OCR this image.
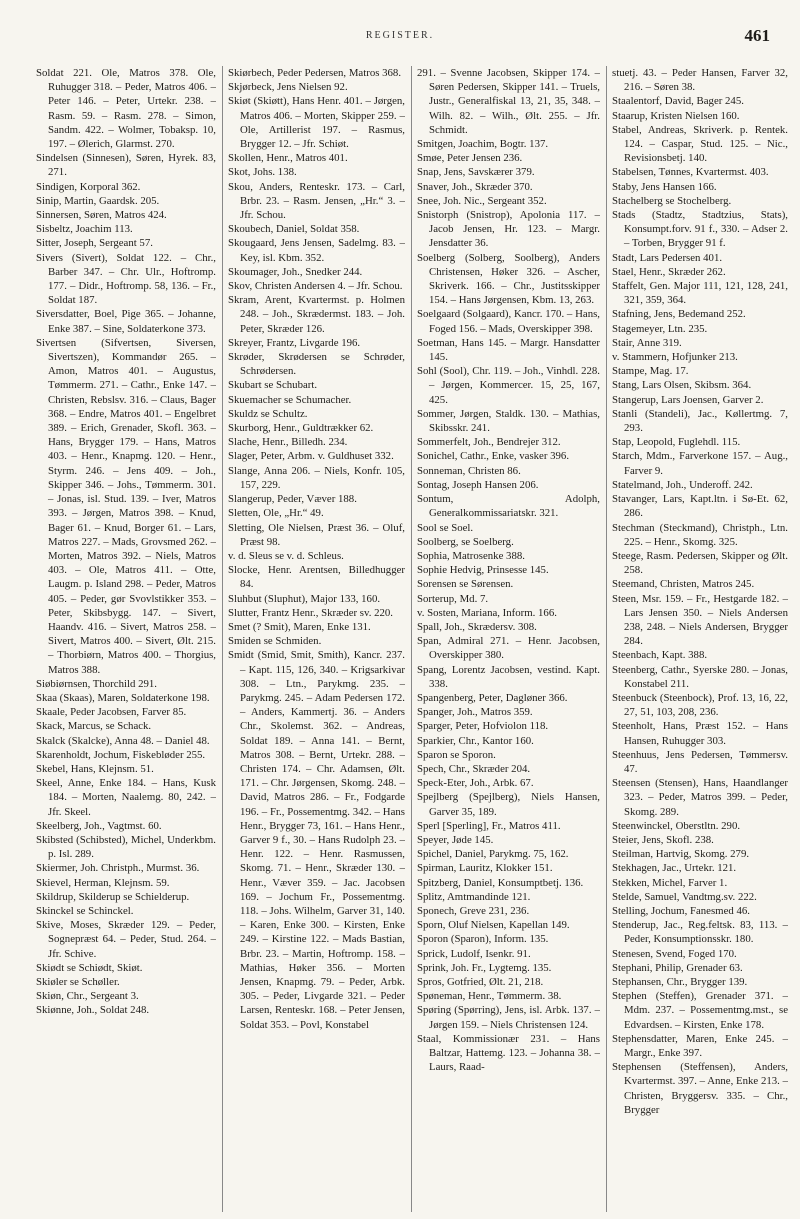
REGISTER.	461

Soldat 221. Ole, Matros 378. Ole, Ruhugger 318. – Peder, Matros 406. – Peter 146. – Peter, Urtekr. 238. – Rasm. 59. – Rasm. 278. – Simon, Sandm. 422. – Wolmer, Tobaksp. 10, 197. – Ølerich, Glarmst. 270.

Sindelsen (Sinnesen), Søren, Hyrek. 83, 271.

Sindigen, Korporal 362.

Sinip, Martin, Gaardsk. 205.

Sinnersen, Søren, Matros 424.

Sisbeltz, Joachim 113.

Sitter, Joseph, Sergeant 57.

Sivers (Sivert), Soldat 122. – Chr., Barber 347. – Chr. Ulr., Hoftromp. 177. – Didr., Hoftromp. 58, 136. – Fr., Soldat 187.

Siversdatter, Boel, Pige 365. – Johanne, Enke 387. – Sine, Soldaterkone 373.

Sivertsen (Sifvertsen, Siversen, Sivertszen), Kommandør 265. – Amon, Matros 401. – Augustus, Tømmerm. 271. – Cathr., Enke 147. – Christen, Rebslsv. 316. – Claus, Bager 368. – Endre, Matros 401. – Engelbret 389. – Erich, Grenader, Skofl. 363. – Hans, Brygger 179. – Hans, Matros 403. – Henr., Knapmg. 120. – Henr., Styrm. 246. – Jens 409. – Joh., Skipper 346. – Johs., Tømmerm. 301. – Jonas, isl. Stud. 139. – Iver, Matros 393. – Jørgen, Matros 398. – Knud, Bager 61. – Knud, Borger 61. – Lars, Matros 227. – Mads, Grovsmed 262. – Morten, Matros 392. – Niels, Matros 403. – Ole, Matros 411. – Otte, Laugm. p. Island 298. – Peder, Matros 405. – Peder, gør Svovlstikker 353. – Peter, Skibsbygg. 147. – Sivert, Haandv. 416. – Sivert, Matros 258. – Sivert, Matros 400. – Sivert, Ølt. 215. – Thorbiørn, Matros 400. – Thorgius, Matros 388.

Siøbiørnsen, Thorchild 291.

Skaa (Skaas), Maren, Soldaterkone 198.

Skaale, Peder Jacobsen, Farver 85.

Skack, Marcus, se Schack.

Skalck (Skalcke), Anna 48. – Daniel 48.

Skarenholdt, Jochum, Fiskebløder 255.

Skebel, Hans, Klejnsm. 51.

Skeel, Anne, Enke 184. – Hans, Kusk 184. – Morten, Naalemg. 80, 242. – Jfr. Skeel.

Skeelberg, Joh., Vagtmst. 60.

Skibsted (Schibsted), Michel, Underkbm. p. Isl. 289.

Skiermer, Joh. Christph., Murmst. 36.

Skievel, Herman, Klejnsm. 59.

Skildrup, Skilderup se Schielderup.

Skinckel se Schinckel.

Skive, Moses, Skræder 129. – Peder, Sognepræst 64. – Peder, Stud. 264. – Jfr. Schive.

Skiødt se Schiødt, Skiøt.

Skiøler se Schøller.

Skiøn, Chr., Sergeant 3.

Skiønne, Joh., Soldat 248.

Skiørbech, Peder Pedersen, Matros 368.

Skjørbeck, Jens Nielsen 92.

Skiøt (Skiøtt), Hans Henr. 401. – Jørgen, Matros 406. – Morten, Skipper 259. – Ole, Artillerist 197. – Rasmus, Brygger 12. – Jfr. Schiøt.

Skollen, Henr., Matros 401.

Skot, Johs. 138.

Skou, Anders, Renteskr. 173. – Carl, Brbr. 23. – Rasm. Jensen, „Hr.“ 3. – Jfr. Schou.

Skoubech, Daniel, Soldat 358.

Skougaard, Jens Jensen, Sadelmg. 83. – Key, isl. Kbm. 352.

Skoumager, Joh., Snedker 244.

Skov, Christen Andersen 4. – Jfr. Schou.

Skram, Arent, Kvartermst. p. Holmen 248. – Joh., Skrædermst. 183. – Joh. Peter, Skræder 126.

Skreyer, Frantz, Livgarde 196.

Skrøder, Skrødersen se Schrøder, Schrødersen.

Skubart se Schubart.

Skuemacher se Schumacher.

Skuldz se Schultz.

Skurborg, Henr., Guldtrækker 62.

Slache, Henr., Billedh. 234.

Slager, Peter, Arbm. v. Guldhuset 332.

Slange, Anna 206. – Niels, Konfr. 105, 157, 229.

Slangerup, Peder, Væver 188.

Sletten, Ole, „Hr.“ 49.

Sletting, Ole Nielsen, Præst 36. – Oluf, Præst 98.

v. d. Sleus se v. d. Schleus.

Slocke, Henr. Arentsen, Billedhugger 84.

Sluhbut (Sluphut), Major 133, 160.

Slutter, Frantz Henr., Skræder sv. 220.

Smet (? Smit), Maren, Enke 131.

Smiden se Schmiden.

Smidt (Smid, Smit, Smith), Kancr. 237. – Kapt. 115, 126, 340. – Krigsarkivar 308. – Ltn., Parykmg. 235. – Parykmg. 245. – Adam Pedersen 172. – Anders, Kammertj. 36. – Anders Chr., Skolemst. 362. – Andreas, Soldat 189. – Anna 141. – Bernt, Matros 308. – Bernt, Urtekr. 288. – Christen 174. – Chr. Adamsen, Ølt. 171. – Chr. Jørgensen, Skomg. 248. – David, Matros 286. – Fr., Fodgarde 196. – Fr., Possementmg. 342. – Hans Henr., Brygger 73, 161. – Hans Henr., Garver 9 f., 30. – Hans Rudolph 23. – Henr. 122. – Henr. Rasmussen, Skomg. 71. – Henr., Skræder 130. – Henr., Væver 359. – Jac. Jacobsen 169. – Jochum Fr., Possementmg. 118. – Johs. Wilhelm, Garver 31, 140. – Karen, Enke 300. – Kirsten, Enke 249. – Kirstine 122. – Mads Bastian, Brbr. 23. – Martin, Hoftromp. 158. – Mathias, Høker 356. – Morten Jensen, Knapmg. 79. – Peder, Arbk. 305. – Peder, Livgarde 321. – Peder Larsen, Renteskr. 168. – Peter Jensen, Soldat 353. – Povl, Konstabel

291. – Svenne Jacobsen, Skipper 174. – Søren Pedersen, Skipper 141. – Truels, Justr., Generalfiskal 13, 21, 35, 348. – Wilh. 82. – Wilh., Ølt. 255. – Jfr. Schmidt.

Smitgen, Joachim, Bogtr. 137.

Smøe, Peter Jensen 236.

Snap, Jens, Savskærer 379.

Snaver, Joh., Skræder 370.

Snee, Joh. Nic., Sergeant 352.

Snistorph (Snistrop), Apolonia 117. – Jacob Jensen, Hr. 123. – Margr. Jensdatter 36.

Soelberg (Solberg, Soolberg), Anders Christensen, Høker 326. – Ascher, Skriverk. 166. – Chr., Justitsskipper 154. – Hans Jørgensen, Kbm. 13, 263.

Soelgaard (Solgaard), Kancr. 170. – Hans, Foged 156. – Mads, Overskipper 398.

Soetman, Hans 145. – Margr. Hansdatter 145.

Sohl (Sool), Chr. 119. – Joh., Vinhdl. 228. – Jørgen, Kommercer. 15, 25, 167, 425.

Sommer, Jørgen, Staldk. 130. – Mathias, Skibsskr. 241.

Sommerfelt, Joh., Bendrejer 312.

Sonichel, Cathr., Enke, vasker 396.

Sonneman, Christen 86.

Sontag, Joseph Hansen 206.

Sontum, Adolph, Generalkommissariatskr. 321.

Sool se Soel.

Soolberg, se Soelberg.

Sophia, Matrosenke 388.

Sophie Hedvig, Prinsesse 145.

Sorensen se Sørensen.

Sorterup, Md. 7.

v. Sosten, Mariana, Inform. 166.

Spall, Joh., Skrædersv. 308.

Span, Admiral 271. – Henr. Jacobsen, Overskipper 380.

Spang, Lorentz Jacobsen, vestind. Kapt. 338.

Spangenberg, Peter, Dagløner 366.

Spanger, Joh., Matros 359.

Sparger, Peter, Hofviolon 118.

Sparkier, Chr., Kantor 160.

Sparon se Sporon.

Spech, Chr., Skræder 204.

Speck-Eter, Joh., Arbk. 67.

Spejlberg (Spejlberg), Niels Hansen, Garver 35, 189.

Sperl [Sperling], Fr., Matros 411.

Speyer, Jøde 145.

Spichel, Daniel, Parykmg. 75, 162.

Spirman, Lauritz, Klokker 151.

Spitzberg, Daniel, Konsumptbetj. 136.

Splitz, Amtmandinde 121.

Sponech, Greve 231, 236.

Sporn, Oluf Nielsen, Kapellan 149.

Sporon (Sparon), Inform. 135.

Sprick, Ludolf, Isenkr. 91.

Sprink, Joh. Fr., Lygtemg. 135.

Spros, Gotfried, Ølt. 21, 218.

Spøneman, Henr., Tømmerm. 38.

Spøring (Spørring), Jens, isl. Arbk. 137. – Jørgen 159. – Niels Christensen 124.

Staal, Kommissionær 231. – Hans Baltzar, Hattemg. 123. – Johanna 38. – Laurs, Raad-

stuetj. 43. – Peder Hansen, Farver 32, 216. – Søren 38.

Staalentorf, David, Bager 245.

Staarup, Kristen Nielsen 160.

Stabel, Andreas, Skriverk. p. Rentek. 124. – Caspar, Stud. 125. – Nic., Revisionsbetj. 140.

Stabelsen, Tønnes, Kvartermst. 403.

Staby, Jens Hansen 166.

Stachelberg se Stochelberg.

Stads (Stadtz, Stadtzius, Stats), Konsumpt.forv. 91 f., 330. – Adser 2. – Torben, Brygger 91 f.

Stadt, Lars Pedersen 401.

Stael, Henr., Skræder 262.

Staffelt, Gen. Major 111, 121, 128, 241, 321, 359, 364.

Stafning, Jens, Bedemand 252.

Stagemeyer, Ltn. 235.

Stair, Anne 319.

v. Stammern, Hofjunker 213.

Stampe, Mag. 17.

Stang, Lars Olsen, Skibsm. 364.

Stangerup, Lars Joensen, Garver 2.

Stanli (Standeli), Jac., Køllertmg. 7, 293.

Stap, Leopold, Fuglehdl. 115.

Starch, Mdm., Farverkone 157. – Aug., Farver 9.

Statelmand, Joh., Underoff. 242.

Stavanger, Lars, Kapt.ltn. i Sø-Et. 62, 286.

Stechman (Steckmand), Christph., Ltn. 225. – Henr., Skomg. 325.

Steege, Rasm. Pedersen, Skipper og Ølt. 258.

Steemand, Christen, Matros 245.

Steen, Msr. 159. – Fr., Hestgarde 182. – Lars Jensen 350. – Niels Andersen 238, 248. – Niels Andersen, Brygger 284.

Steenbach, Kapt. 388.

Steenberg, Cathr., Syerske 280. – Jonas, Konstabel 211.

Steenbuck (Steenbock), Prof. 13, 16, 22, 27, 51, 103, 208, 236.

Steenholt, Hans, Præst 152. – Hans Hansen, Ruhugger 303.

Steenhuus, Jens Pedersen, Tømmersv. 47.

Steensen (Stensen), Hans, Haandlanger 323. – Peder, Matros 399. – Peder, Skomg. 289.

Steenwinckel, Oberstltn. 290.

Steier, Jens, Skofl. 238.

Steilman, Hartvig, Skomg. 279.

Stekhagen, Jac., Urtekr. 121.

Stekken, Michel, Farver 1.

Stelde, Samuel, Vandtmg.sv. 222.

Stelling, Jochum, Fanesmed 46.

Stenderup, Jac., Reg.feltsk. 83, 113. – Peder, Konsumptionsskr. 180.

Stenesen, Svend, Foged 170.

Stephani, Philip, Grenader 63.

Stephansen, Chr., Brygger 139.

Stephen (Steffen), Grenader 371. – Mdm. 237. – Possementmg.mst., se Edvardsen. – Kirsten, Enke 178.

Stephensdatter, Maren, Enke 245. – Margr., Enke 397.

Stephensen (Steffensen), Anders, Kvartermst. 397. – Anne, Enke 213. – Christen, Bryggersv. 335. – Chr., Brygger
